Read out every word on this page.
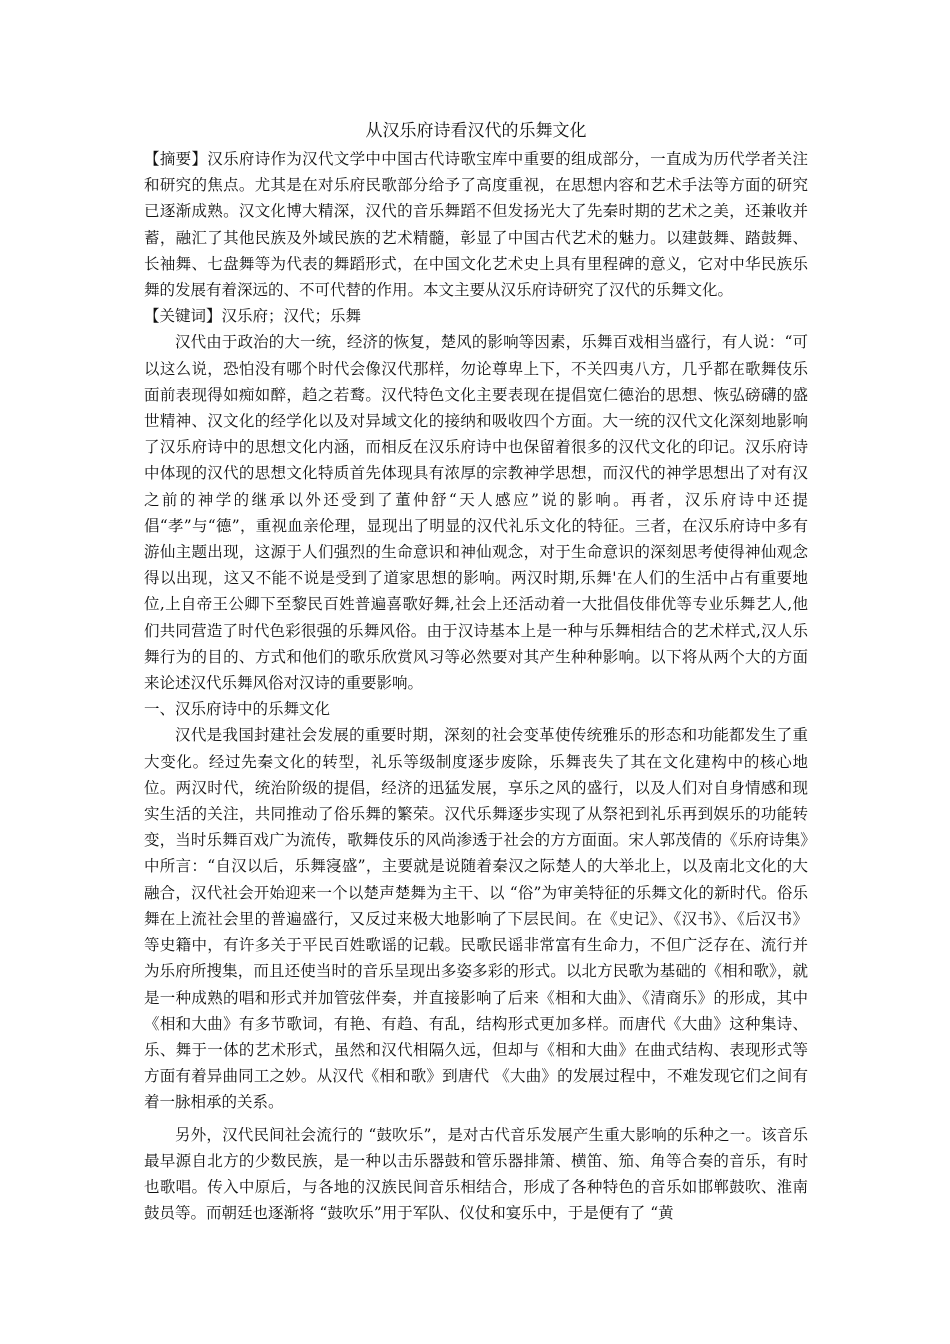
从汉乐府诗看汉代的乐舞文化

【摘要】汉乐府诗作为汉代文学中中国古代诗歌宝库中重要的组成部分，一直成为历代学者关注和研究的焦点。尤其是在对乐府民歌部分给予了高度重视，在思想内容和艺术手法等方面的研究已逐渐成熟。汉文化博大精深，汉代的音乐舞蹈不但发扬光大了先秦时期的艺术之美，还兼收并蓄，融汇了其他民族及外域民族的艺术精髓，彰显了中国古代艺术的魅力。以建鼓舞、踏鼓舞、长袖舞、七盘舞等为代表的舞蹈形式，在中国文化艺术史上具有里程碑的意义，它对中华民族乐舞的发展有着深远的、不可代替的作用。本文主要从汉乐府诗研究了汉代的乐舞文化。

【关键词】汉乐府；汉代；乐舞

汉代由于政治的大一统，经济的恢复，楚风的影响等因素，乐舞百戏相当盛行，有人说：“可以这么说，恐怕没有哪个时代会像汉代那样，勿论尊卑上下，不关四夷八方，几乎都在歌舞伎乐面前表现得如痴如醉，趋之若鹜。汉代特色文化主要表现在提倡宽仁德治的思想、恢弘磅礴的盛世精神、汉文化的经学化以及对异域文化的接纳和吸收四个方面。大一统的汉代文化深刻地影响了汉乐府诗中的思想文化内涵，而相反在汉乐府诗中也保留着很多的汉代文化的印记。汉乐府诗中体现的汉代的思想文化特质首先体现具有浓厚的宗教神学思想，而汉代的神学思想出了对有汉之前的神学的继承以外还受到了董仲舒“天人感应”说的影响。再者，汉乐府诗中还提倡“孝”与“德”，重视血亲伦理，显现出了明显的汉代礼乐文化的特征。三者，在汉乐府诗中多有游仙主题出现，这源于人们强烈的生命意识和神仙观念，对于生命意识的深刻思考使得神仙观念得以出现，这又不能不说是受到了道家思想的影响。两汉时期,乐舞'在人们的生活中占有重要地位,上自帝王公卿下至黎民百姓普遍喜歌好舞,社会上还活动着一大批倡伎俳优等专业乐舞艺人,他们共同营造了时代色彩很强的乐舞风俗。由于汉诗基本上是一种与乐舞相结合的艺术样式,汉人乐舞行为的目的、方式和他们的歌乐欣赏风习等必然要对其产生种种影响。以下将从两个大的方面来论述汉代乐舞风俗对汉诗的重要影响。

一、汉乐府诗中的乐舞文化

汉代是我国封建社会发展的重要时期，深刻的社会变革使传统雅乐的形态和功能都发生了重大变化。经过先秦文化的转型，礼乐等级制度逐步废除，乐舞丧失了其在文化建构中的核心地位。两汉时代，统治阶级的提倡，经济的迅猛发展，享乐之风的盛行，以及人们对自身情感和现实生活的关注，共同推动了俗乐舞的繁荣。汉代乐舞逐步实现了从祭祀到礼乐再到娱乐的功能转变，当时乐舞百戏广为流传，歌舞伎乐的风尚渗透于社会的方方面面。宋人郭茂倩的《乐府诗集》中所言：“自汉以后，乐舞寖盛”，主要就是说随着秦汉之际楚人的大举北上，以及南北文化的大融合，汉代社会开始迎来一个以楚声楚舞为主干、以 “俗”为审美特征的乐舞文化的新时代。俗乐舞在上流社会里的普遍盛行，又反过来极大地影响了下层民间。在《史记》、《汉书》、《后汉书》等史籍中，有许多关于平民百姓歌谣的记载。民歌民谣非常富有生命力，不但广泛存在、流行并为乐府所搜集，而且还使当时的音乐呈现出多姿多彩的形式。以北方民歌为基础的《相和歌》，就是一种成熟的唱和形式并加管弦伴奏，并直接影响了后来《相和大曲》、《清商乐》的形成，其中《相和大曲》有多节歌词，有艳、有趋、有乱，结构形式更加多样。而唐代《大曲》这种集诗、乐、舞于一体的艺术形式，虽然和汉代相隔久远，但却与《相和大曲》在曲式结构、表现形式等方面有着异曲同工之妙。从汉代《相和歌》到唐代 《大曲》的发展过程中，不难发现它们之间有着一脉相承的关系。

另外，汉代民间社会流行的 “鼓吹乐”，是对古代音乐发展产生重大影响的乐种之一。该音乐最早源自北方的少数民族，是一种以击乐器鼓和管乐器排箫、横笛、笳、角等合奏的音乐，有时也歌唱。传入中原后，与各地的汉族民间音乐相结合，形成了各种特色的音乐如邯郸鼓吹、淮南鼓员等。而朝廷也逐渐将 “鼓吹乐”用于军队、仪仗和宴乐中，于是便有了 “黄
